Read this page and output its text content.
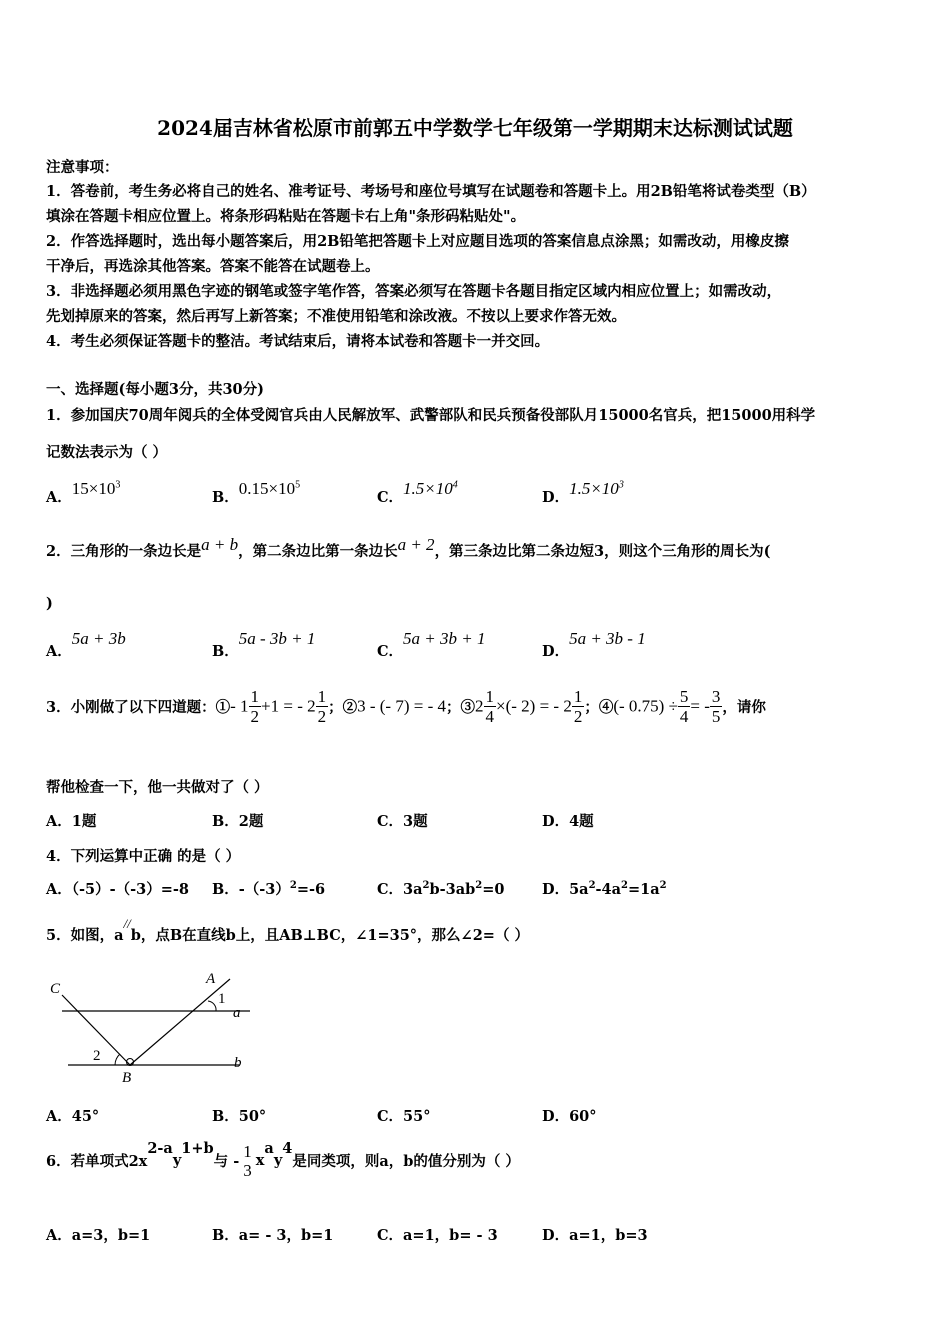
2024届吉林省松原市前郭五中学数学七年级第一学期期末达标测试试题
注意事项：
1．答卷前，考生务必将自己的姓名、准考证号、考场号和座位号填写在试题卷和答题卡上。用2B铅笔将试卷类型（B）
填涂在答题卡相应位置上。将条形码粘贴在答题卡右上角"条形码粘贴处"。
2．作答选择题时，选出每小题答案后，用2B铅笔把答题卡上对应题目选项的答案信息点涂黑；如需改动，用橡皮擦
干净后，再选涂其他答案。答案不能答在试题卷上。
3．非选择题必须用黑色字迹的钢笔或签字笔作答，答案必须写在答题卡各题目指定区域内相应位置上；如需改动，
先划掉原来的答案，然后再写上新答案；不准使用铅笔和涂改液。不按以上要求作答无效。
4．考生必须保证答题卡的整洁。考试结束后，请将本试卷和答题卡一并交回。
一、选择题(每小题3分，共30分)
1．参加国庆70周年阅兵的全体受阅官兵由人民解放军、武警部队和民兵预备役部队月15000名官兵，把15000用科学
记数法表示为（ ）
A．$15\times 10^3$
B．$0.15\times 10^5$
C．$1.5\times 10^4$
D．$1.5\times 10^3$
2．三角形的一条边长是a + b，第二条边比第一条边长a + 2，第三条边比第二条边短3，则这个三角形的周长为(
)
A．5a + 3b
B．5a - 3b + 1
C．5a + 3b + 1
D．5a + 3b - 1
3．小刚做了以下四道题：①- $1 \frac{1}{2} +1$ = - $2 \frac{1}{2}$ ；②3 - (- 7) = - 4；③2 $\frac{1}{4}$ ×(- 2) = - $2 \frac{1}{2}$ ；④(- $0.75) \div \frac{5}{4}$ = - $\frac{3}{5}$ ，请你
帮他检查一下，他一共做对了（ ）
A．1题	B．2题	C．3题	D．4题
4．下列运算中正确 的是（ ）
A．（-5）-（-3）=-8 B．$-(-3)^2=-6$	C．$3a^2b-3ab^2=0$	D．$5a^2-4a^2=1a^2$
5．如图，a//b，点B在直线b上，且AB⊥BC，∠1=35°，那么∠2=（ ）
C
A
1
a
2
B
b
A．45°	B．50°	C．55°	D．60°
6．若单项式$2x^{2-a}y^{1+b}$与 -
1
3 $x^ay^4$是同类项，则a，b的值分别为（ ）
A．a=3，b=1	B．a= - 3，b=1	C．a=1，b= - 3	D．a=1，b=3
